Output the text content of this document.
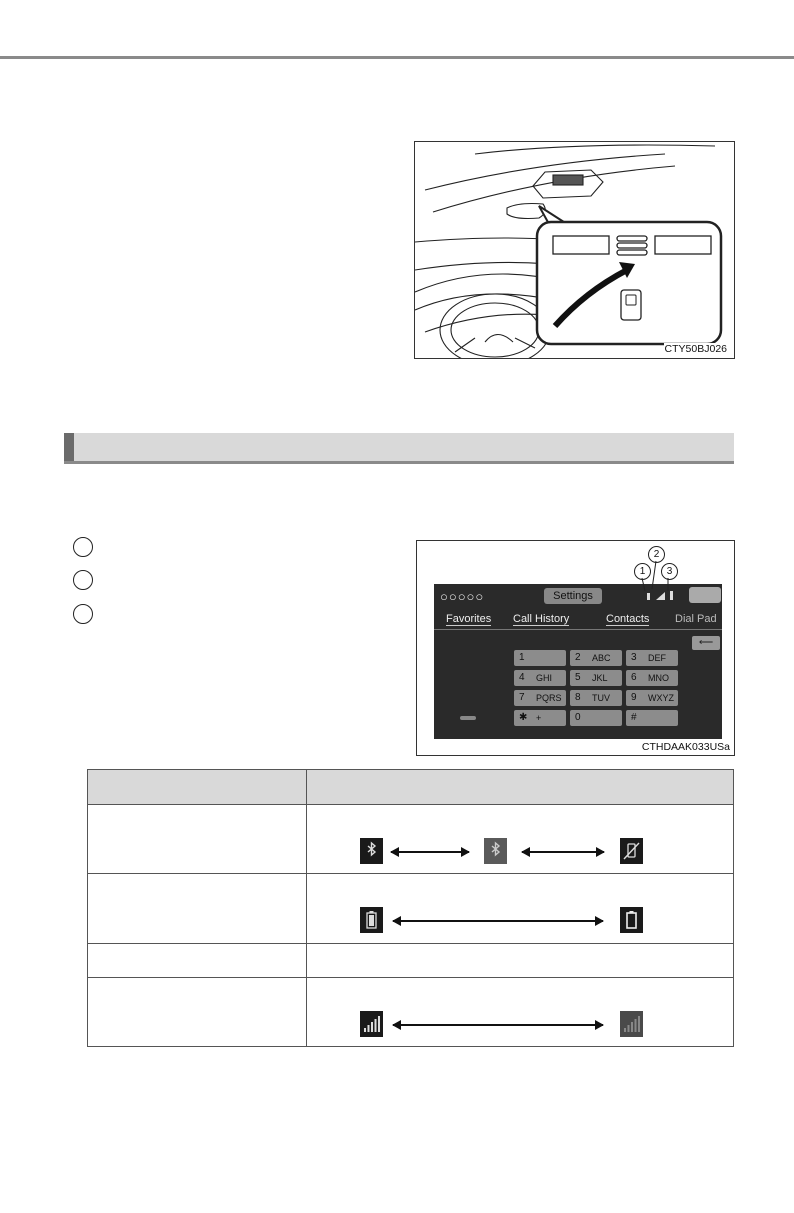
CTY50BJ026
○○○○○	Settings
Favorites Call History	Contacts Dial Pad
⟵
1	2 ABC 3 DEF
4 GHI 5 JKL 6 MNO
7 PQRS 8 TUV 9 WXYZ
✱ +	0	#
2
1	3
CTHDAAK033USa
